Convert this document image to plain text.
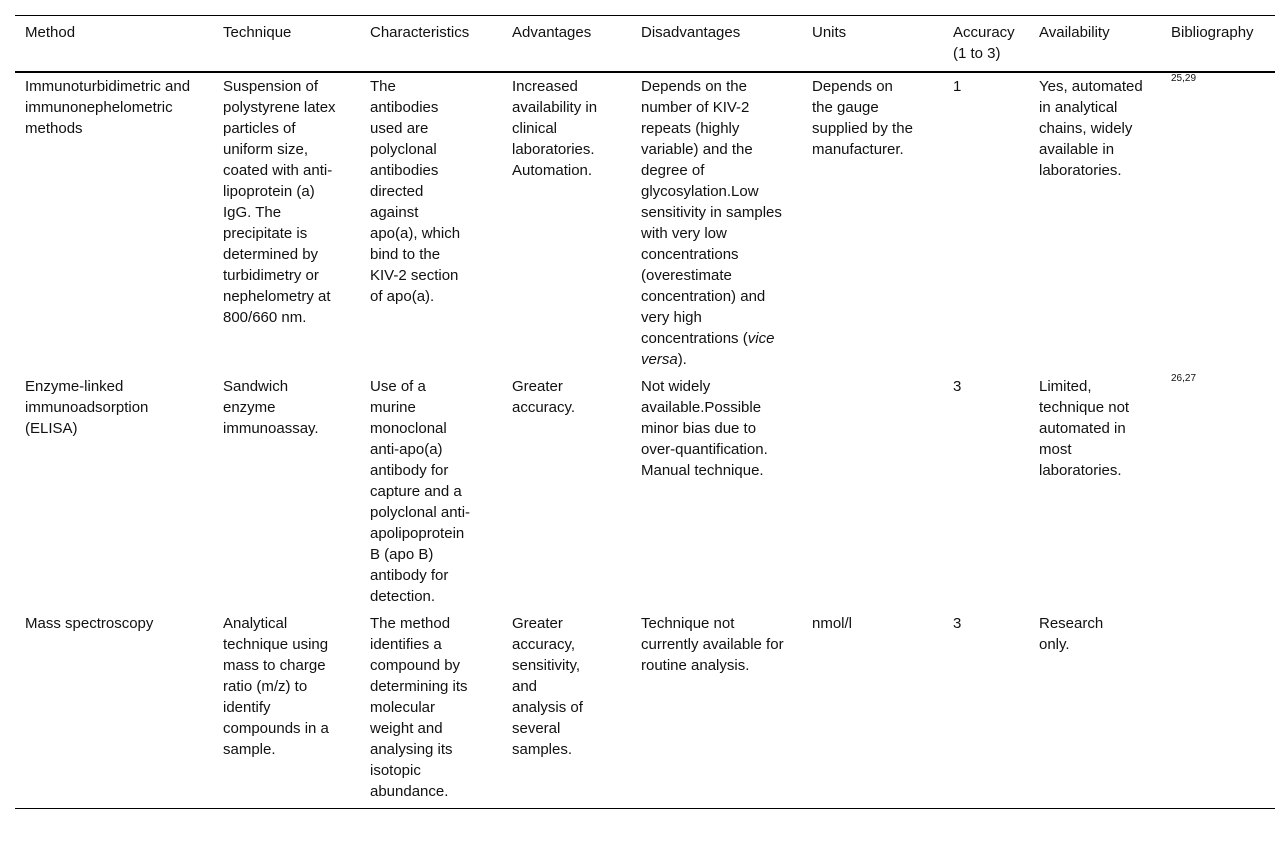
Method	Technique	Characteristics	Advantages	Disadvantages	Units	Accuracy (1 to 3)	Availability	Bibliography
Immunoturbidimetric and immunonephelometric methods	Suspension of polystyrene latex particles of uniform size, coated with anti-lipoprotein (a) IgG. The precipitate is determined by turbidimetry or nephelometry at 800/660 nm.	The antibodies used are polyclonal antibodies directed against apo(a), which bind to the KIV-2 section of apo(a).	Increased availability in clinical laboratories. Automation.	Depends on the number of KIV-2 repeats (highly variable) and the degree of glycosylation.Low sensitivity in samples with very low concentrations (overestimate concentration) and very high concentrations (vice versa).	Depends on the gauge supplied by the manufacturer.	1	Yes, automated in analytical chains, widely available in laboratories.	$^{25,29}$
Enzyme-linked immunoadsorption (ELISA)	Sandwich enzyme immunoassay.	Use of a murine monoclonal anti-apo(a) antibody for capture and a polyclonal anti-apolipoprotein B (apo B) antibody for detection.	Greater accuracy.	Not widely available.Possible minor bias due to over-quantification. Manual technique.		3	Limited, technique not automated in most laboratories.	$^{26,27}$
Mass spectroscopy	Analytical technique using mass to charge ratio (m/z) to identify compounds in a sample.	The method identifies a compound by determining its molecular weight and analysing its isotopic abundance.	Greater accuracy, sensitivity, and analysis of several samples.	Technique not currently available for routine analysis.	nmol/l	3	Research only.	
